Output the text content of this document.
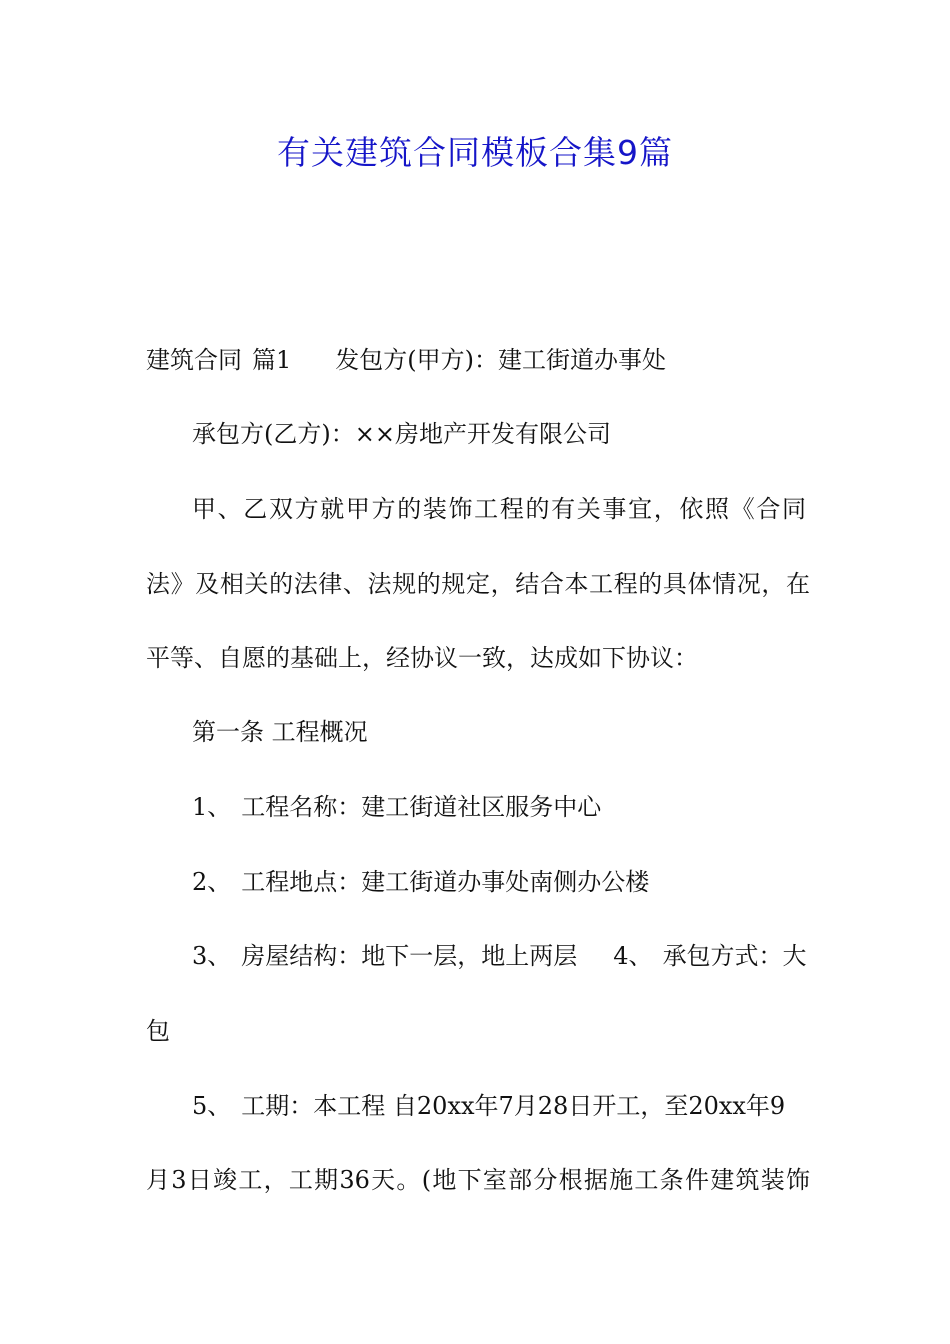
有关建筑合同模板合集9篇

建筑合同 篇1 发包方(甲方)：建工街道办事处

承包方(乙方)：××房地产开发有限公司

甲、乙双方就甲方的装饰工程的有关事宜，依照《合同

法》及相关的法律、法规的规定，结合本工程的具体情况，在

平等、自愿的基础上，经协议一致，达成如下协议：

第一条 工程概况

1、 工程名称：建工街道社区服务中心

2、 工程地点：建工街道办事处南侧办公楼

3、 房屋结构：地下一层，地上两层 4、 承包方式：大

包

5、 工期：本工程 自20xx年7月28日开工，至20xx年9

月3日竣工，工期36天。(地下室部分根据施工条件建筑装饰
